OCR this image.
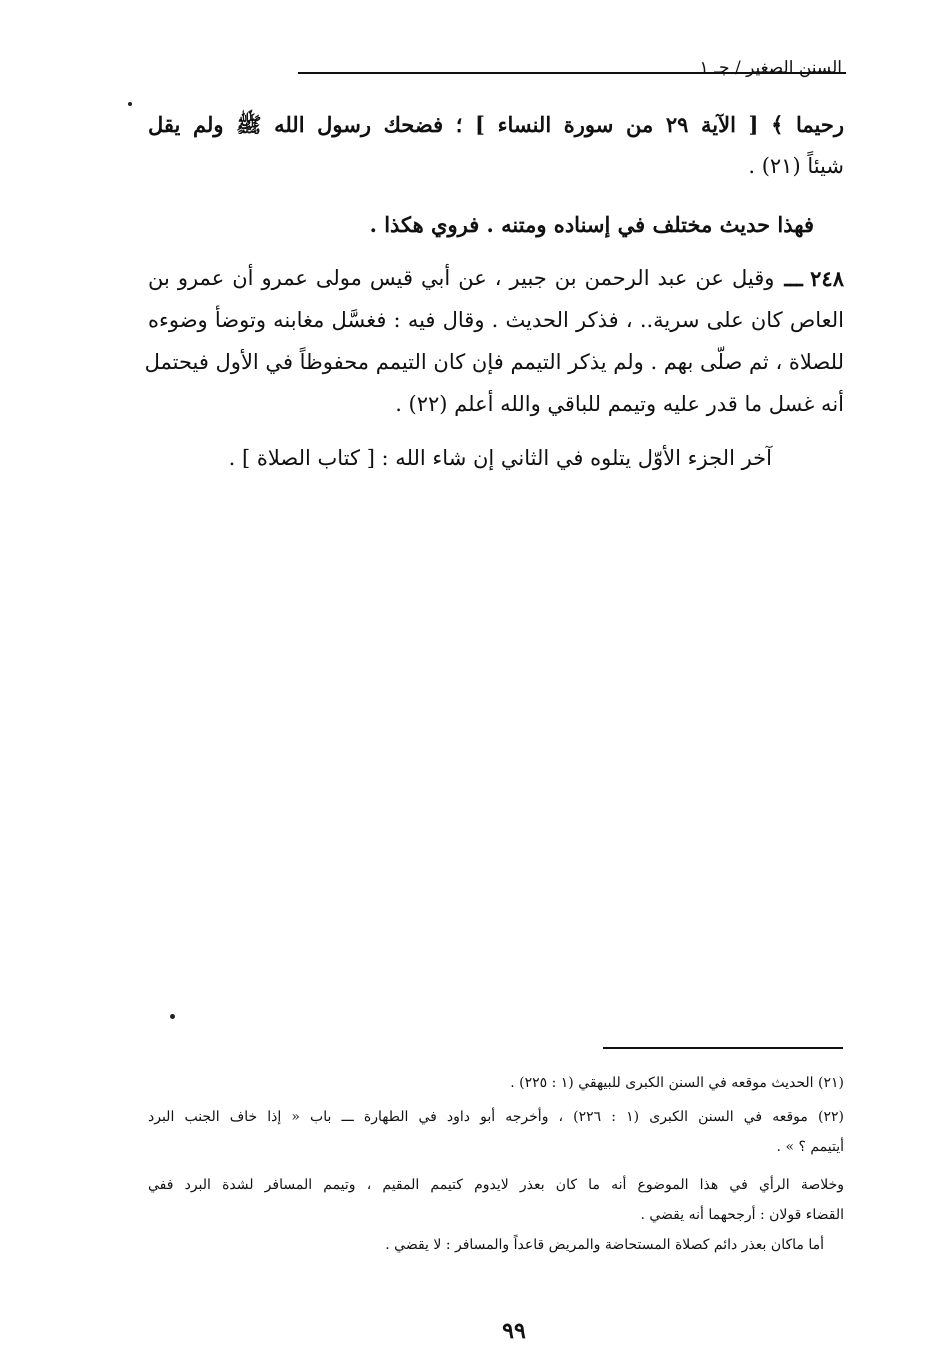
السنن الصغير / جـ ١
رحيما ﴾ [ الآية ٢٩ من سورة النساء ] ؛ فضحك رسول الله ﷺ ولم يقل
شيئاً (٢١) .
فهذا حديث مختلف في إسناده ومتنه . فروي هكذا .
٢٤٨ ـــ
وقيل عن عبد الرحمن بن جبير ، عن أبي قيس مولى عمرو أن عمرو بن
العاص كان على سرية.. ، فذكر الحديث . وقال فيه : فغسَّل مغابنه وتوضأ وضوءه
للصلاة ، ثم صلّى بهم . ولم يذكر التيمم فإن كان التيمم محفوظاً في الأول فيحتمل
أنه غسل ما قدر عليه وتيمم للباقي والله أعلم (٢٢) .
آخر الجزء الأوّل يتلوه في الثاني إن شاء الله : [ كتاب الصلاة ] .
(٢١) الحديث موقعه في السنن الكبرى للبيهقي (١ : ٢٢٥) .
(٢٢) موقعه في السنن الكبرى (١ : ٢٢٦) ، وأخرجه أبو داود في الطهارة ـــ باب « إذا خاف الجنب البرد
أيتيمم ؟ » .
وخلاصة الرأي في هذا الموضوع أنه ما كان بعذر لايدوم كتيمم المقيم ، وتيمم المسافر لشدة البرد ففي
القضاء قولان : أرجحهما أنه يقضي .
أما ماكان بعذر دائم كصلاة المستحاضة والمريض قاعداً والمسافر : لا يقضي .
٩٩
